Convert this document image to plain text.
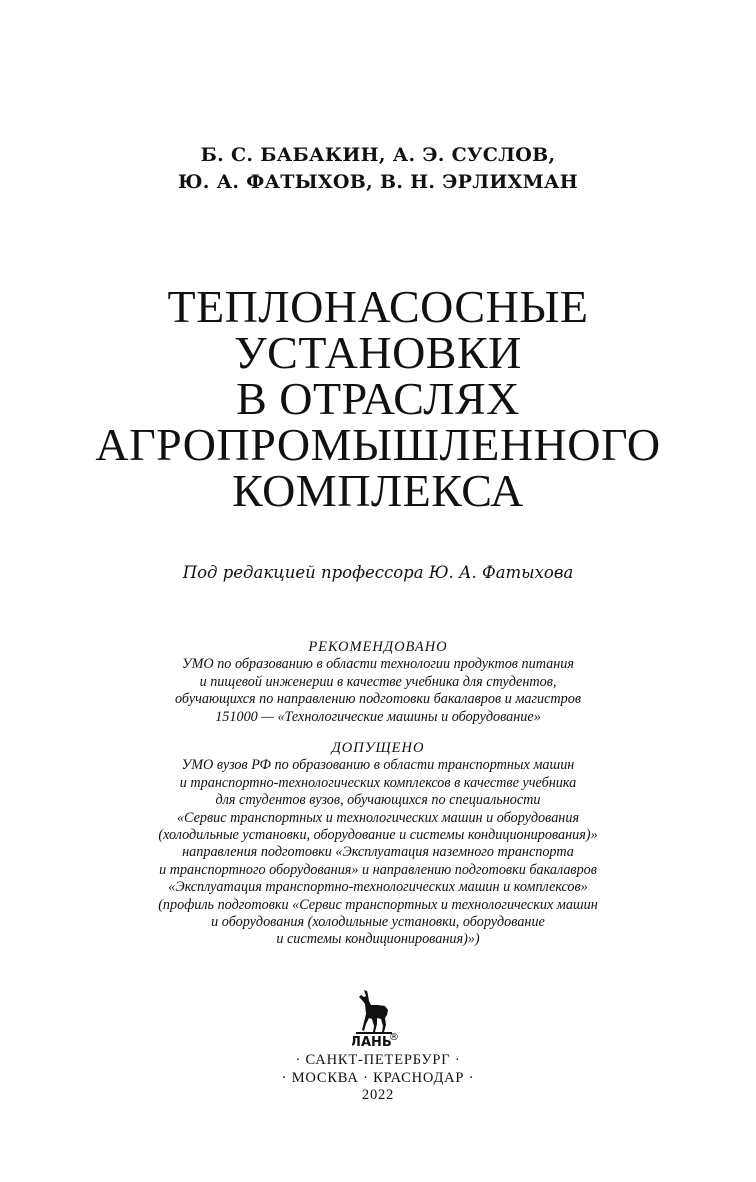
Б. С. БАБАКИН, А. Э. СУСЛОВ,
Ю. А. ФАТЫХОВ, В. Н. ЭРЛИХМАН
ТЕПЛОНАСОСНЫЕ
УСТАНОВКИ
В ОТРАСЛЯХ
АГРОПРОМЫШЛЕННОГО
КОМПЛЕКСА
Под редакцией профессора Ю. А. Фатыхова
РЕКОМЕНДОВАНО
УМО по образованию в области технологии продуктов питания
и пищевой инженерии в качестве учебника для студентов,
обучающихся по направлению подготовки бакалавров и магистров
151000 — «Технологические машины и оборудование»
ДОПУЩЕНО
УМО вузов РФ по образованию в области транспортных машин
и транспортно-технологических комплексов в качестве учебника
для студентов вузов, обучающихся по специальности
«Сервис транспортных и технологических машин и оборудования
(холодильные установки, оборудование и системы кондиционирования)»
направления подготовки «Эксплуатация наземного транспорта
и транспортного оборудования» и направлению подготовки бакалавров
«Эксплуатация транспортно-технологических машин и комплексов»
(профиль подготовки «Сервис транспортных и технологических машин
и оборудования (холодильные установки, оборудование
и системы кондиционирования)»)
ЛАНЬ
®
· САНКТ-ПЕТЕРБУРГ ·
· МОСКВА · КРАСНОДАР ·
2022
